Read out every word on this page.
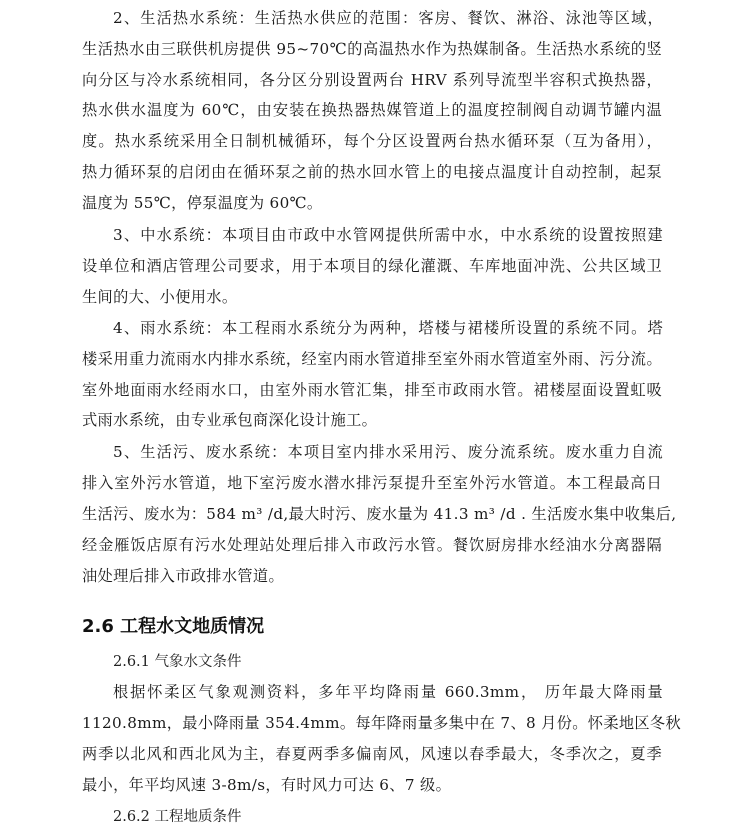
2、生活热水系统：生活热水供应的范围：客房、餐饮、淋浴、泳池等区域，
生活热水由三联供机房提供 95~70℃的高温热水作为热媒制备。生活热水系统的竖
向分区与冷水系统相同，各分区分别设置两台 HRV 系列导流型半容积式换热器，
热水供水温度为 60℃，由安装在换热器热媒管道上的温度控制阀自动调节罐内温
度。热水系统采用全日制机械循环，每个分区设置两台热水循环泵（互为备用），
热力循环泵的启闭由在循环泵之前的热水回水管上的电接点温度计自动控制，起泵
温度为 55℃，停泵温度为 60℃。
3、中水系统：本项目由市政中水管网提供所需中水，中水系统的设置按照建
设单位和酒店管理公司要求，用于本项目的绿化灌溉、车库地面冲洗、公共区域卫
生间的大、小便用水。
4、雨水系统：本工程雨水系统分为两种，塔楼与裙楼所设置的系统不同。塔
楼采用重力流雨水内排水系统，经室内雨水管道排至室外雨水管道室外雨、污分流。
室外地面雨水经雨水口，由室外雨水管汇集，排至市政雨水管。裙楼屋面设置虹吸
式雨水系统，由专业承包商深化设计施工。
5、生活污、废水系统：本项目室内排水采用污、废分流系统。废水重力自流
排入室外污水管道，地下室污废水潜水排污泵提升至室外污水管道。本工程最高日
生活污、废水为：584 m³ /d,最大时污、废水量为 41.3 m³ /d . 生活废水集中收集后,
经金雁饭店原有污水处理站处理后排入市政污水管。餐饮厨房排水经油水分离器隔
油处理后排入市政排水管道。
2.6 工程水文地质情况
2.6.1 气象水文条件
根据怀柔区气象观测资料，多年平均降雨量 660.3mm， 历年最大降雨量
1120.8mm，最小降雨量 354.4mm。每年降雨量多集中在 7、8 月份。怀柔地区冬秋
两季以北风和西北风为主，春夏两季多偏南风，风速以春季最大，冬季次之，夏季
最小，年平均风速 3-8m/s，有时风力可达 6、7 级。
2.6.2 工程地质条件
